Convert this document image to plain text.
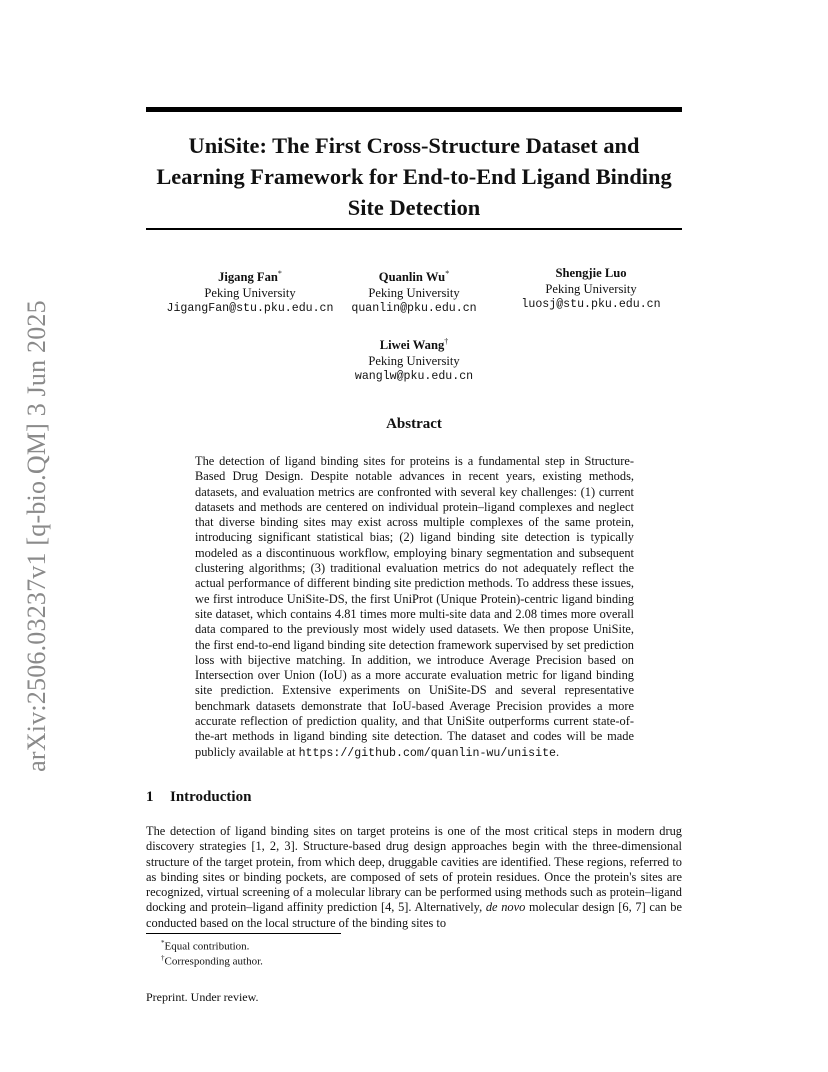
arXiv:2506.03237v1 [q-bio.QM] 3 Jun 2025
UniSite: The First Cross-Structure Dataset and
Learning Framework for End-to-End Ligand Binding
Site Detection
Jigang Fan*
Peking University
JigangFan@stu.pku.edu.cn
Quanlin Wu*
Peking University
quanlin@pku.edu.cn
Shengjie Luo
Peking University
luosj@stu.pku.edu.cn
Liwei Wang†
Peking University
wanglw@pku.edu.cn
Abstract

The detection of ligand binding sites for proteins is a fundamental step in Structure-Based Drug Design. Despite notable advances in recent years, existing methods, datasets, and evaluation metrics are confronted with several key challenges: (1) current datasets and methods are centered on individual protein–ligand complexes and neglect that diverse binding sites may exist across multiple complexes of the same protein, introducing significant statistical bias; (2) ligand binding site detection is typically modeled as a discontinuous workflow, employing binary segmentation and subsequent clustering algorithms; (3) traditional evaluation metrics do not adequately reflect the actual performance of different binding site prediction methods. To address these issues, we first introduce UniSite-DS, the first UniProt (Unique Protein)-centric ligand binding site dataset, which contains 4.81 times more multi-site data and 2.08 times more overall data compared to the previously most widely used datasets. We then propose UniSite, the first end-to-end ligand binding site detection framework supervised by set prediction loss with bijective matching. In addition, we introduce Average Precision based on Intersection over Union (IoU) as a more accurate evaluation metric for ligand binding site prediction. Extensive experiments on UniSite-DS and several representative benchmark datasets demonstrate that IoU-based Average Precision provides a more accurate reflection of prediction quality, and that UniSite outperforms current state-of-the-art methods in ligand binding site detection. The dataset and codes will be made publicly available at https://github.com/quanlin-wu/unisite.

1 Introduction

The detection of ligand binding sites on target proteins is one of the most critical steps in modern drug discovery strategies [1, 2, 3]. Structure-based drug design approaches begin with the three-dimensional structure of the target protein, from which deep, druggable cavities are identified. These regions, referred to as binding sites or binding pockets, are composed of sets of protein residues. Once the protein's sites are recognized, virtual screening of a molecular library can be performed using methods such as protein–ligand docking and protein–ligand affinity prediction [4, 5]. Alternatively, de novo molecular design [6, 7] can be conducted based on the local structure of the binding sites to

*Equal contribution.
†Corresponding author.
Preprint. Under review.
